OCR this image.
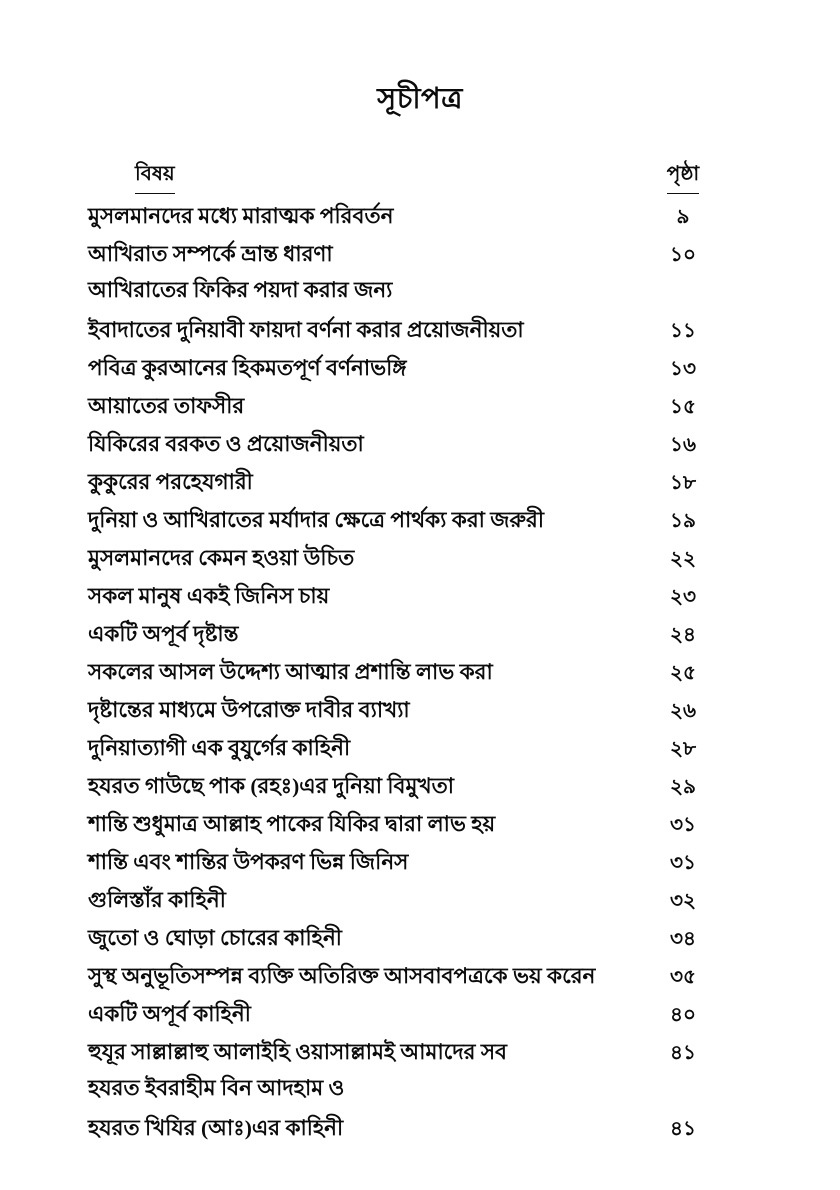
সূচীপত্র
বিষয়	পৃষ্ঠা
মুসলমানদের মধ্যে মারাত্মক পরিবর্তন	৯
আখিরাত সম্পর্কে ভ্রান্ত ধারণা	১০
আখিরাতের ফিকির পয়দা করার জন্য
ইবাদাতের দুনিয়াবী ফায়দা বর্ণনা করার প্রয়োজনীয়তা	১১
পবিত্র কুরআনের হিকমতপূর্ণ বর্ণনাভঙ্গি	১৩
আয়াতের তাফসীর	১৫
যিকিরের বরকত ও প্রয়োজনীয়তা	১৬
কুকুরের পরহেযগারী	১৮
দুনিয়া ও আখিরাতের মর্যাদার ক্ষেত্রে পার্থক্য করা জরুরী	১৯
মুসলমানদের কেমন হওয়া উচিত	২২
সকল মানুষ একই জিনিস চায়	২৩
একটি অপূর্ব দৃষ্টান্ত	২৪
সকলের আসল উদ্দেশ্য আত্মার প্রশান্তি লাভ করা	২৫
দৃষ্টান্তের মাধ্যমে উপরোক্ত দাবীর ব্যাখ্যা	২৬
দুনিয়াত্যাগী এক বুযুর্গের কাহিনী	২৮
হযরত গাউছে পাক (রহঃ)এর দুনিয়া বিমুখতা	২৯
শান্তি শুধুমাত্র আল্লাহ পাকের যিকির দ্বারা লাভ হয়	৩১
শান্তি এবং শান্তির উপকরণ ভিন্ন জিনিস	৩১
গুলিস্তাঁর কাহিনী	৩২
জুতো ও ঘোড়া চোরের কাহিনী	৩৪
সুস্থ অনুভূতিসম্পন্ন ব্যক্তি অতিরিক্ত আসবাবপত্রকে ভয় করেন	৩৫
একটি অপূর্ব কাহিনী	৪০
হুযূর সাল্লাল্লাহু আলাইহি ওয়াসাল্লামই আমাদের সব	৪১
হযরত ইবরাহীম বিন আদহাম ও
হযরত খিযির (আঃ)এর কাহিনী	৪১
